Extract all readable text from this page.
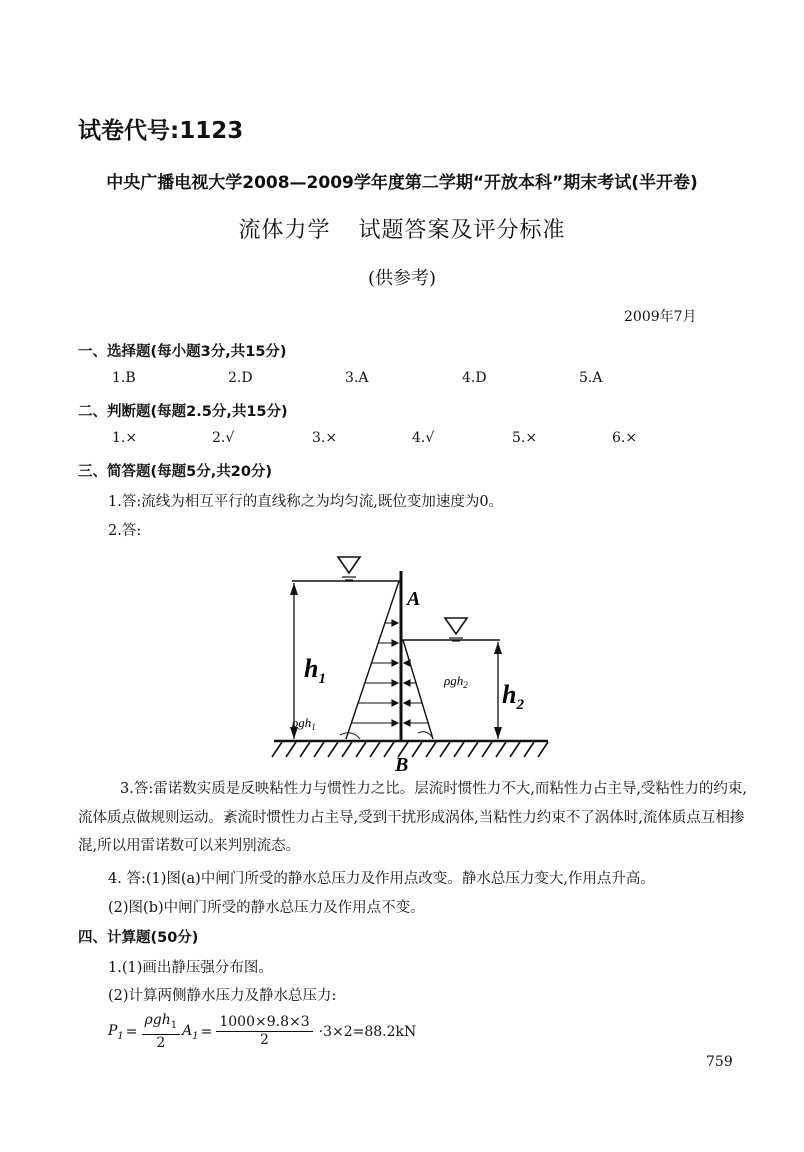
试卷代号:1123
中央广播电视大学2008—2009学年度第二学期“开放本科”期末考试(半开卷)
流体力学 试题答案及评分标准
(供参考)
2009年7月
一、选择题(每小题3分,共15分)
1.B	2.D	3.A	4.D	5.A
二、判断题(每题2.5分,共15分)
1.×	2.√	3.×	4.√	5.×	6.×
三、简答题(每题5分,共20分)
1.答:流线为相互平行的直线称之为均匀流,既位变加速度为0。
2.答:
A
B
$h_1$
$h_2$
ρgh$_1$
ρgh$_2$
3.答:雷诺数实质是反映粘性力与惯性力之比。层流时惯性力不大,而粘性力占主导,受粘性力的约束,流体质点做规则运动。紊流时惯性力占主导,受到干扰形成涡体,当粘性力约束不了涡体时,流体质点互相掺混,所以用雷诺数可以来判别流态。
4. 答:(1)图(a)中闸门所受的静水总压力及作用点改变。静水总压力变大,作用点升高。
(2)图(b)中闸门所受的静水总压力及作用点不变。
四、计算题(50分)
1.(1)画出静压强分布图。
(2)计算两侧静水压力及静水总压力:
$P_1 = \frac{\rho gh_1}{2} A_1 = \frac{1000\times 9.8\times 3}{2} \cdot 3\times 2=88.2kN$
759
